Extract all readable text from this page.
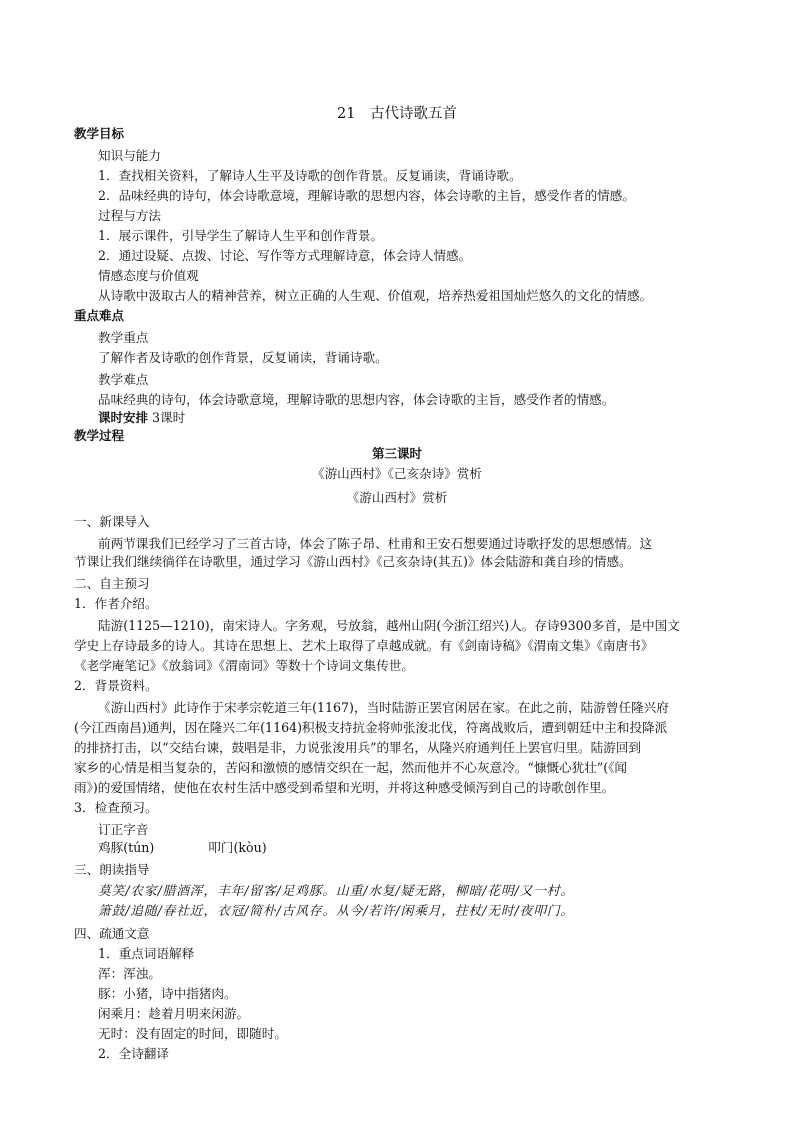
21　古代诗歌五首
教学目标
知识与能力
1．查找相关资料，了解诗人生平及诗歌的创作背景。反复诵读，背诵诗歌。
2．品味经典的诗句，体会诗歌意境，理解诗歌的思想内容，体会诗歌的主旨，感受作者的情感。
过程与方法
1．展示课件，引导学生了解诗人生平和创作背景。
2．通过设疑、点拨、讨论、写作等方式理解诗意，体会诗人情感。
情感态度与价值观
从诗歌中汲取古人的精神营养，树立正确的人生观、价值观，培养热爱祖国灿烂悠久的文化的情感。
重点难点
教学重点
了解作者及诗歌的创作背景，反复诵读，背诵诗歌。
教学难点
品味经典的诗句，体会诗歌意境，理解诗歌的思想内容，体会诗歌的主旨，感受作者的情感。
课时安排 3课时
教学过程
第三课时
《游山西村》《己亥杂诗》赏析
《游山西村》赏析
一、新课导入
前两节课我们已经学习了三首古诗，体会了陈子昂、杜甫和王安石想要通过诗歌抒发的思想感情。这
节课让我们继续徜徉在诗歌里，通过学习《游山西村》《己亥杂诗(其五)》体会陆游和龚自珍的情感。
二、自主预习
1．作者介绍。
陆游(1125—1210)，南宋诗人。字务观，号放翁，越州山阴(今浙江绍兴)人。存诗9300多首，是中国文
学史上存诗最多的诗人。其诗在思想上、艺术上取得了卓越成就。有《剑南诗稿》《渭南文集》《南唐书》
《老学庵笔记》《放翁词》《渭南词》等数十个诗词文集传世。
2．背景资料。
《游山西村》此诗作于宋孝宗乾道三年(1167)，当时陆游正罢官闲居在家。在此之前，陆游曾任隆兴府
(今江西南昌)通判，因在隆兴二年(1164)积极支持抗金将帅张浚北伐，符离战败后，遭到朝廷中主和投降派
的排挤打击，以“交结台谏，鼓唱是非，力说张浚用兵”的罪名，从隆兴府通判任上罢官归里。陆游回到
家乡的心情是相当复杂的，苦闷和激愤的感情交织在一起，然而他并不心灰意冷。“慷慨心犹壮”(《闻
雨》)的爱国情绪，使他在农村生活中感受到希望和光明，并将这种感受倾泻到自己的诗歌创作里。
3．检查预习。
订正字音
鸡豚(tún)	叩门(kòu)
三、朗读指导
莫笑/农家/腊酒浑，丰年/留客/足鸡豚。山重/水复/疑无路，柳暗/花明/又一村。
箫鼓/追随/春社近，衣冠/简朴/古风存。从今/若许/闲乘月，拄杖/无时/夜叩门。
四、疏通文意
1．重点词语解释
浑：浑浊。
豚：小猪，诗中指猪肉。
闲乘月：趁着月明来闲游。
无时：没有固定的时间，即随时。
2．全诗翻译
